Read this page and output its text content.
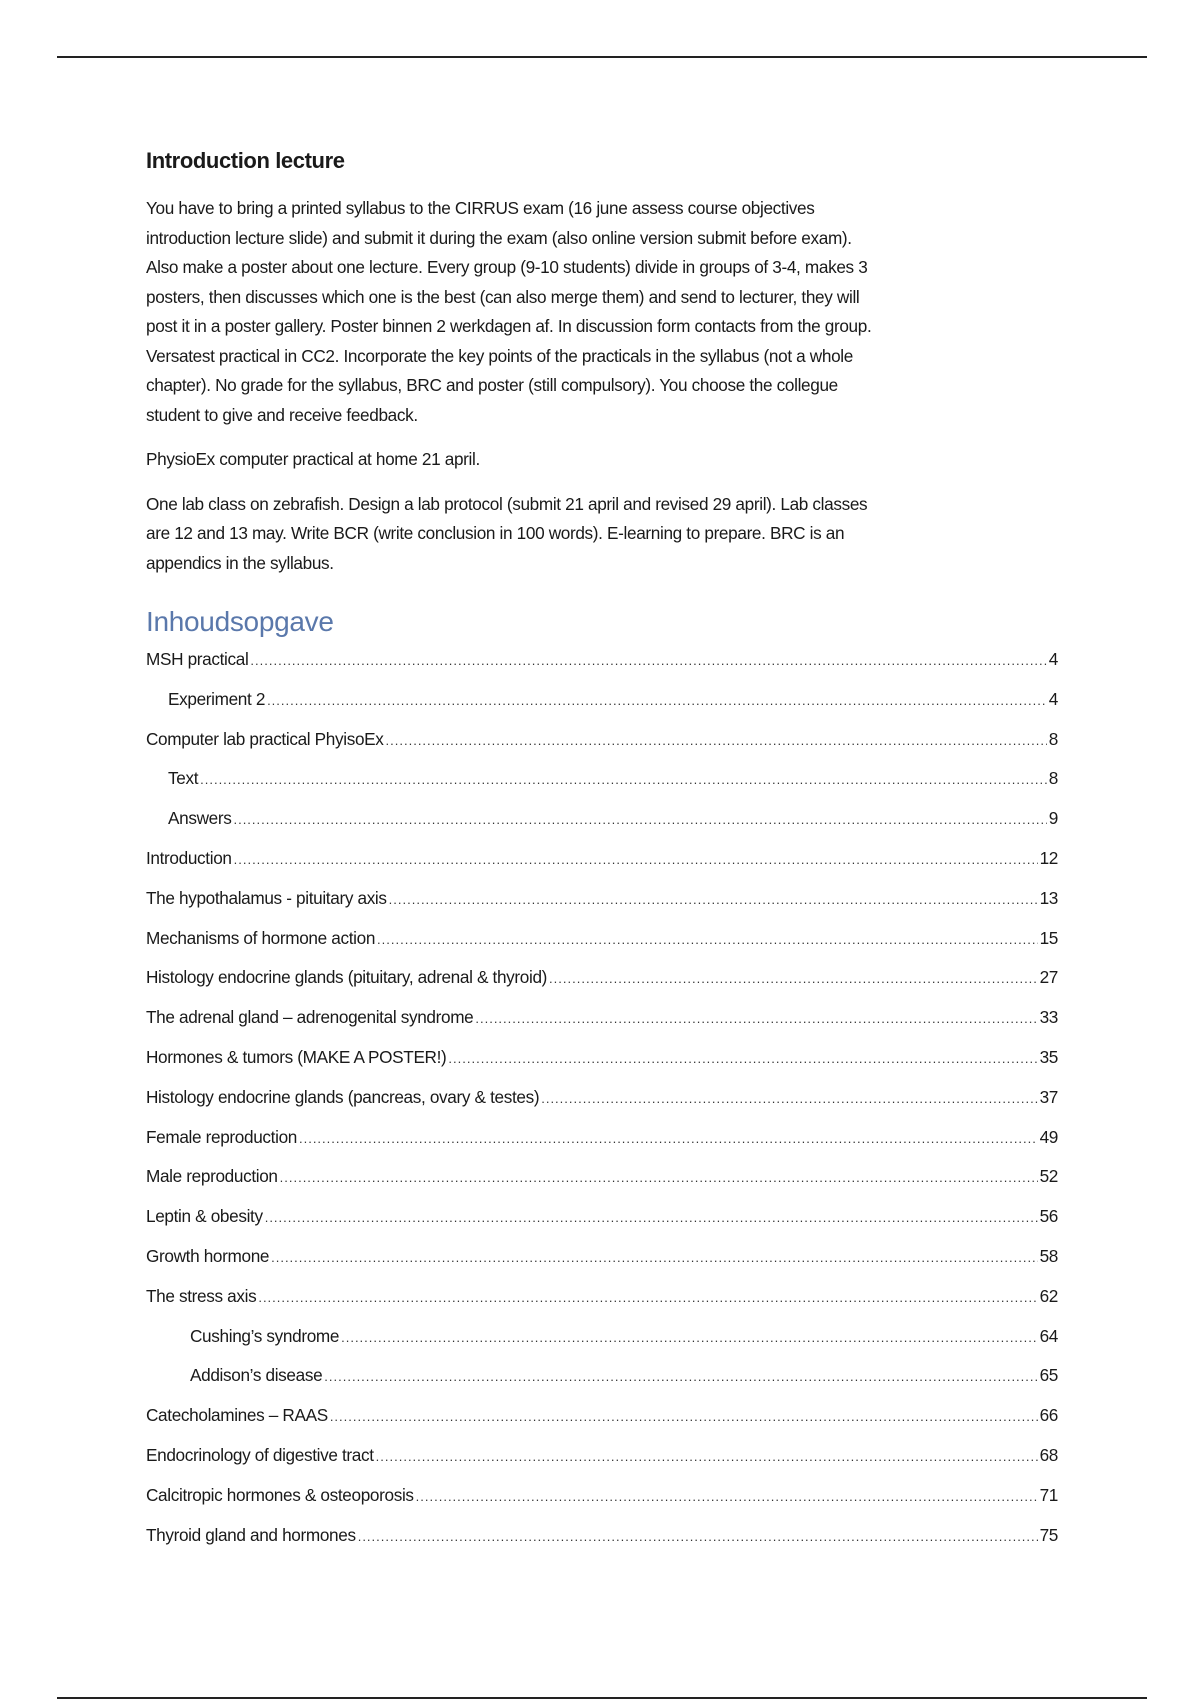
Introduction lecture
You have to bring a printed syllabus to the CIRRUS exam (16 june assess course objectives
introduction lecture slide) and submit it during the exam (also online version submit before exam).
Also make a poster about one lecture. Every group (9-10 students) divide in groups of 3-4, makes 3
posters, then discusses which one is the best (can also merge them) and send to lecturer, they will
post it in a poster gallery. Poster binnen 2 werkdagen af. In discussion form contacts from the group.
Versatest practical in CC2. Incorporate the key points of the practicals in the syllabus (not a whole
chapter). No grade for the syllabus, BRC and poster (still compulsory). You choose the collegue
student to give and receive feedback.
PhysioEx computer practical at home 21 april.
One lab class on zebrafish. Design a lab protocol (submit 21 april and revised 29 april). Lab classes
are 12 and 13 may. Write BCR (write conclusion in 100 words). E-learning to prepare. BRC is an
appendics in the syllabus.
Inhoudsopgave
MSH practical .....	4
Experiment 2 .....	4
Computer lab practical PhyisoEx .....	8
Text .....	8
Answers .....	9
Introduction .....	12
The hypothalamus - pituitary axis .....	13
Mechanisms of hormone action .....	15
Histology endocrine glands (pituitary, adrenal & thyroid) .....	27
The adrenal gland – adrenogenital syndrome .....	33
Hormones & tumors (MAKE A POSTER!) .....	35
Histology endocrine glands (pancreas, ovary & testes) .....	37
Female reproduction .....	49
Male reproduction .....	52
Leptin & obesity .....	56
Growth hormone .....	58
The stress axis .....	62
Cushing’s syndrome .....	64
Addison’s disease .....	65
Catecholamines – RAAS .....	66
Endocrinology of digestive tract .....	68
Calcitropic hormones & osteoporosis .....	71
Thyroid gland and hormones .....	75
